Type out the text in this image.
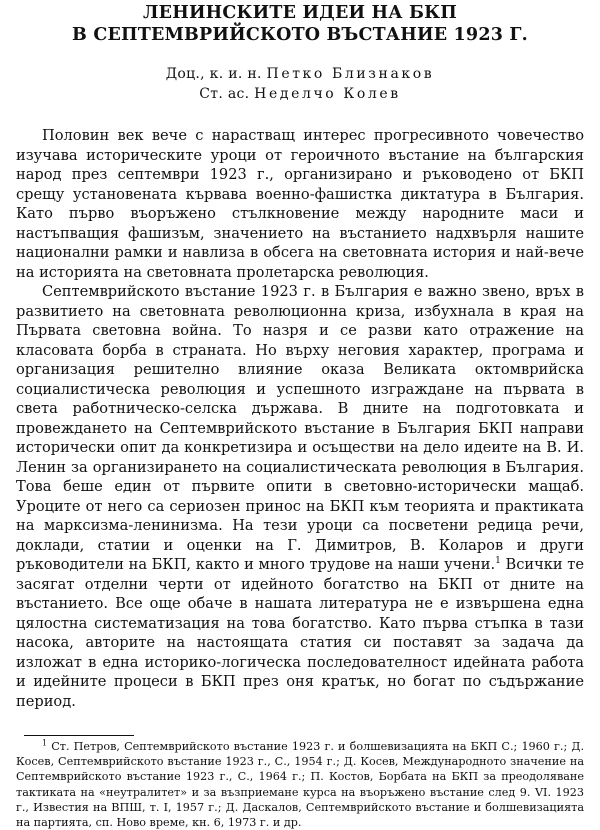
ЛЕНИНСКИТЕ ИДЕИ НА БКП
В СЕПТЕМВРИЙСКОТО ВЪСТАНИЕ 1923 Г.
Доц., к. и. н. Петко Близнаков
Ст. ас. Неделчо Колев

Половин век вече с нарастващ интерес прогресивното човечество изучава историческите уроци от героичното въстание на българския народ през септември 1923 г., организирано и ръководено от БКП срещу установената кървава военно-фашистка диктатура в България. Като първо въоръжено стълкновение между народните маси и настъпващия фашизъм, значението на въстанието надхвърля нашите национални рамки и навлиза в обсега на световната история и най-вече на историята на световната пролетарска революция.

Септемврийското въстание 1923 г. в България е важно звено, връх в развитието на световната революционна криза, избухнала в края на Първата световна война. То назря и се разви като отражение на класовата борба в страната. Но върху неговия характер, програма и организация решително влияние оказа Великата октомврийска социалистическа революция и успешното изграждане на първата в света работническо-селска държава. В дните на подготовката и провеждането на Септемврийското въстание в България БКП направи исторически опит да конкретизира и осъществи на дело идеите на В. И. Ленин за организирането на социалистическата революция в България. Това беше един от първите опити в световно-исторически мащаб. Уроците от него са сериозен принос на БКП към теорията и практиката на марксизма-ленинизма. На тези уроци са посветени редица речи, доклади, статии и оценки на Г. Димитров, В. Коларов и други ръководители на БКП, както и много трудове на наши учени.$^1$ Всички те засягат отделни черти от идейното богатство на БКП от дните на въстанието. Все още обаче в нашата литература не е извършена една цялостна систематизация на това богатство. Като първа стъпка в тази насока, авторите на настоящата статия си поставят за задача да изложат в една историко-логическа последователност идейната работа и идейните процеси в БКП през оня кратък, но богат по съдържание период.

$^1$ Ст. Петров, Септемврийското въстание 1923 г. и болшевизацията на БКП С.; 1960 г.; Д. Косев, Септемврийското въстание 1923 г., С., 1954 г.; Д. Косев, Международното значение на Септемврийското въстание 1923 г., С., 1964 г.; П. Костов, Борбата на БКП за преодоляване тактиката на «неутралитет» и за възприемане курса на въоръжено въстание след 9. VI. 1923 г., Известия на ВПШ, т. I, 1957 г.; Д. Даскалов, Септемврийското въстание и болшевизацията на партията, сп. Ново време, кн. 6, 1973 г. и др.
